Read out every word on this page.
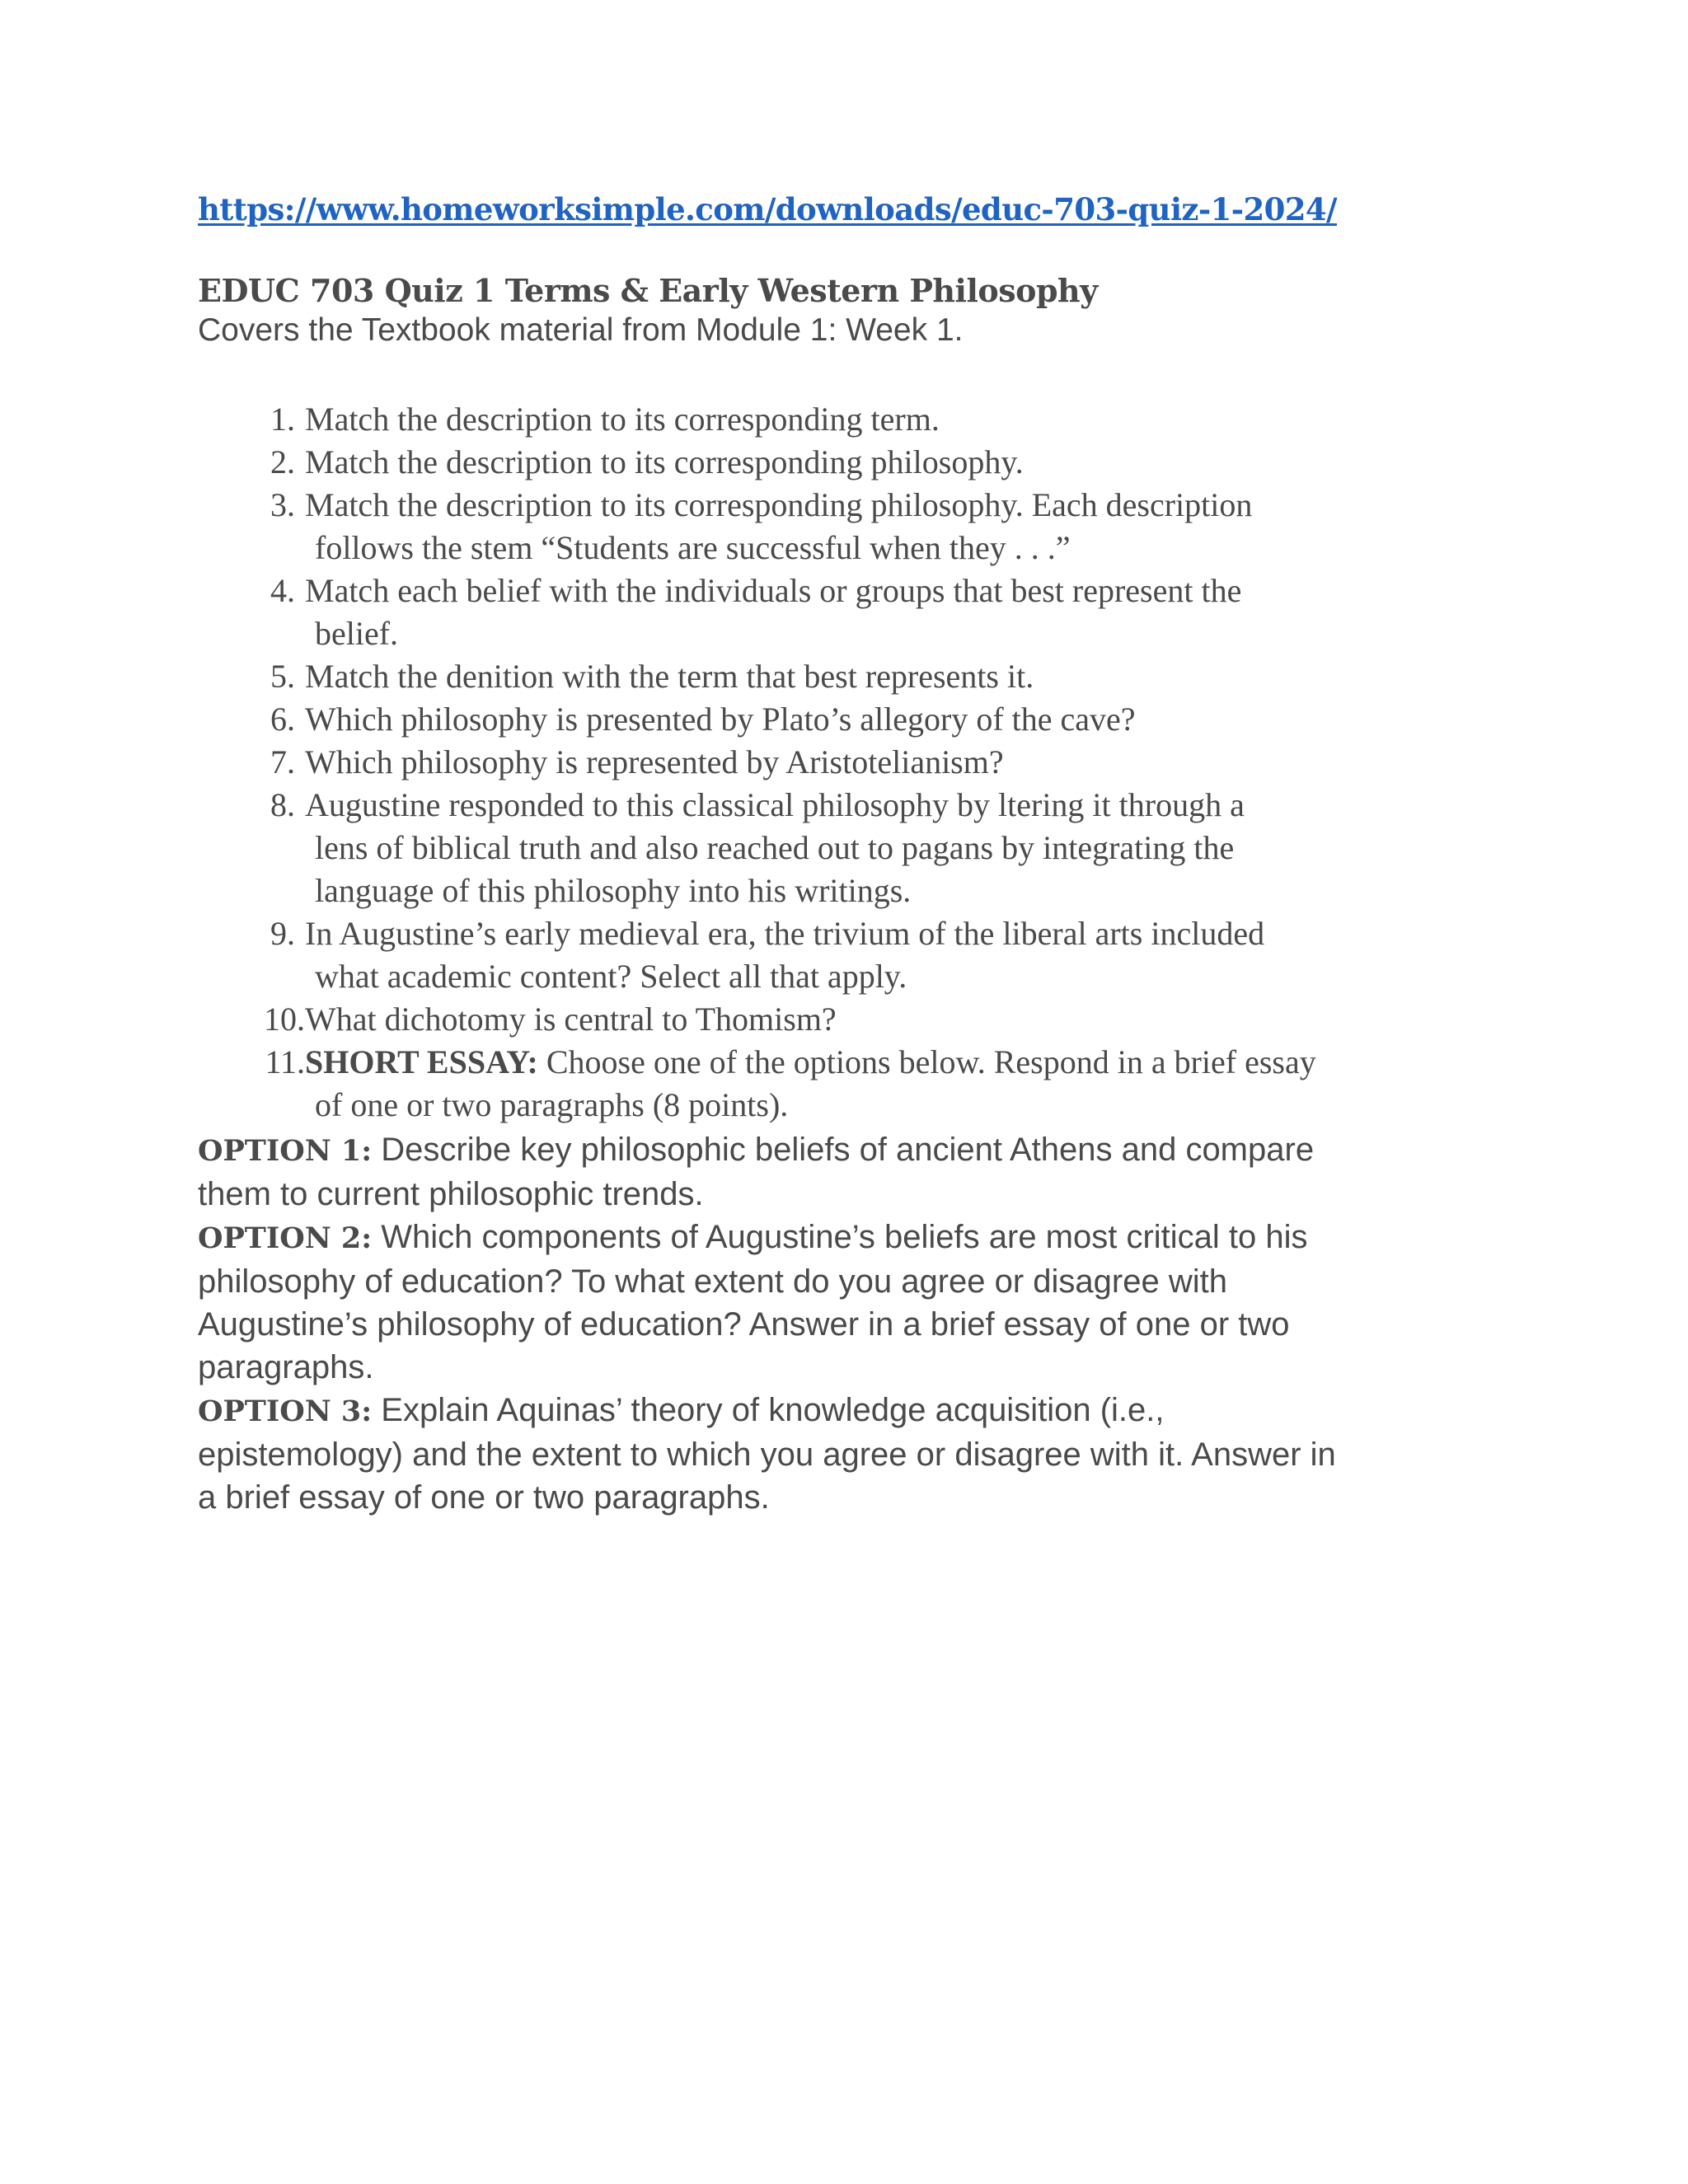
https://www.homeworksimple.com/downloads/educ-703-quiz-1-2024/
EDUC 703 Quiz 1 Terms & Early Western Philosophy
Covers the Textbook material from Module 1: Week 1.
1. Match the description to its corresponding term.
2. Match the description to its corresponding philosophy.
3. Match the description to its corresponding philosophy. Each description
follows the stem “Students are successful when they . . .”
4. Match each belief with the individuals or groups that best represent the
belief.
5. Match the denition with the term that best represents it.
6. Which philosophy is presented by Plato’s allegory of the cave?
7. Which philosophy is represented by Aristotelianism?
8. Augustine responded to this classical philosophy by ltering it through a
lens of biblical truth and also reached out to pagans by integrating the
language of this philosophy into his writings.
9. In Augustine’s early medieval era, the trivium of the liberal arts included
what academic content? Select all that apply.
10. What dichotomy is central to Thomism?
11. SHORT ESSAY: Choose one of the options below. Respond in a brief essay
of one or two paragraphs (8 points).
OPTION 1: Describe key philosophic beliefs of ancient Athens and compare
them to current philosophic trends.
OPTION 2: Which components of Augustine’s beliefs are most critical to his
philosophy of education? To what extent do you agree or disagree with
Augustine’s philosophy of education? Answer in a brief essay of one or two
paragraphs.
OPTION 3: Explain Aquinas’ theory of knowledge acquisition (i.e.,
epistemology) and the extent to which you agree or disagree with it. Answer in
a brief essay of one or two paragraphs.
